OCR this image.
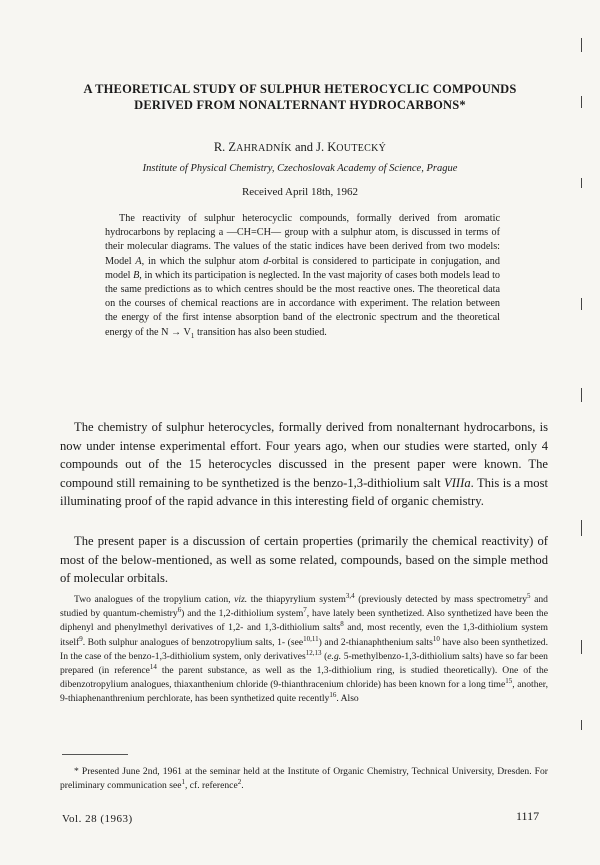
A THEORETICAL STUDY OF SULPHUR HETEROCYCLIC COMPOUNDS
DERIVED FROM NONALTERNANT HYDROCARBONS*
R. ZAHRADNÍK and J. KOUTECKÝ
Institute of Physical Chemistry, Czechoslovak Academy of Science, Prague
Received April 18th, 1962

The reactivity of sulphur heterocyclic compounds, formally derived from aromatic hydrocarbons by replacing a —CH=CH— group with a sulphur atom, is discussed in terms of their molecular diagrams. The values of the static indices have been derived from two models: Model A, in which the sulphur atom d-orbital is considered to participate in conjugation, and model B, in which its participation is neglected. In the vast majority of cases both models lead to the same predictions as to which centres should be the most reactive ones. The theoretical data on the courses of chemical reactions are in accordance with experiment. The relation between the energy of the first intense absorption band of the electronic spectrum and the theoretical energy of the $N \to V_1$ transition has also been studied.

The chemistry of sulphur heterocycles, formally derived from nonalternant hydrocarbons, is now under intense experimental effort. Four years ago, when our studies were started, only 4 compounds out of the 15 heterocycles discussed in the present paper were known. The compound still remaining to be synthetized is the benzo-1,3-dithiolium salt VIIIa. This is a most illuminating proof of the rapid advance in this interesting field of organic chemistry.

The present paper is a discussion of certain properties (primarily the chemical reactivity) of most of the below-mentioned, as well as some related, compounds, based on the simple method of molecular orbitals.

Two analogues of the tropylium cation, viz. the thiapyrylium system$^{3,4}$ (previously detected by mass spectrometry$^5$ and studied by quantum-chemistry$^6$) and the 1,2-dithiolium system$^7$, have lately been synthetized. Also synthetized have been the diphenyl and phenylmethyl derivatives of 1,2- and 1,3-dithiolium salts$^8$ and, most recently, even the 1,3-dithiolium system itself$^9$. Both sulphur analogues of benzotropylium salts, 1- (see$^{10,11}$) and 2-thianaphthenium salts$^{10}$ have also been synthetized. In the case of the benzo-1,3-dithiolium system, only derivatives$^{12,13}$ (e.g. 5-methylbenzo-1,3-dithiolium salts) have so far been prepared (in reference$^{14}$ the parent substance, as well as the 1,3-dithiolium ring, is studied theoretically). One of the dibenzotropylium analogues, thiaxanthenium chloride (9-thianthracenium chloride) has been known for a long time$^{15}$, another, 9-thiaphenanthrenium perchlorate, has been synthetized quite recently$^{16}$. Also

* Presented June 2nd, 1961 at the seminar held at the Institute of Organic Chemistry, Technical University, Dresden. For preliminary communication see$^1$, cf. reference$^2$.

Vol. 28 (1963)	1117
